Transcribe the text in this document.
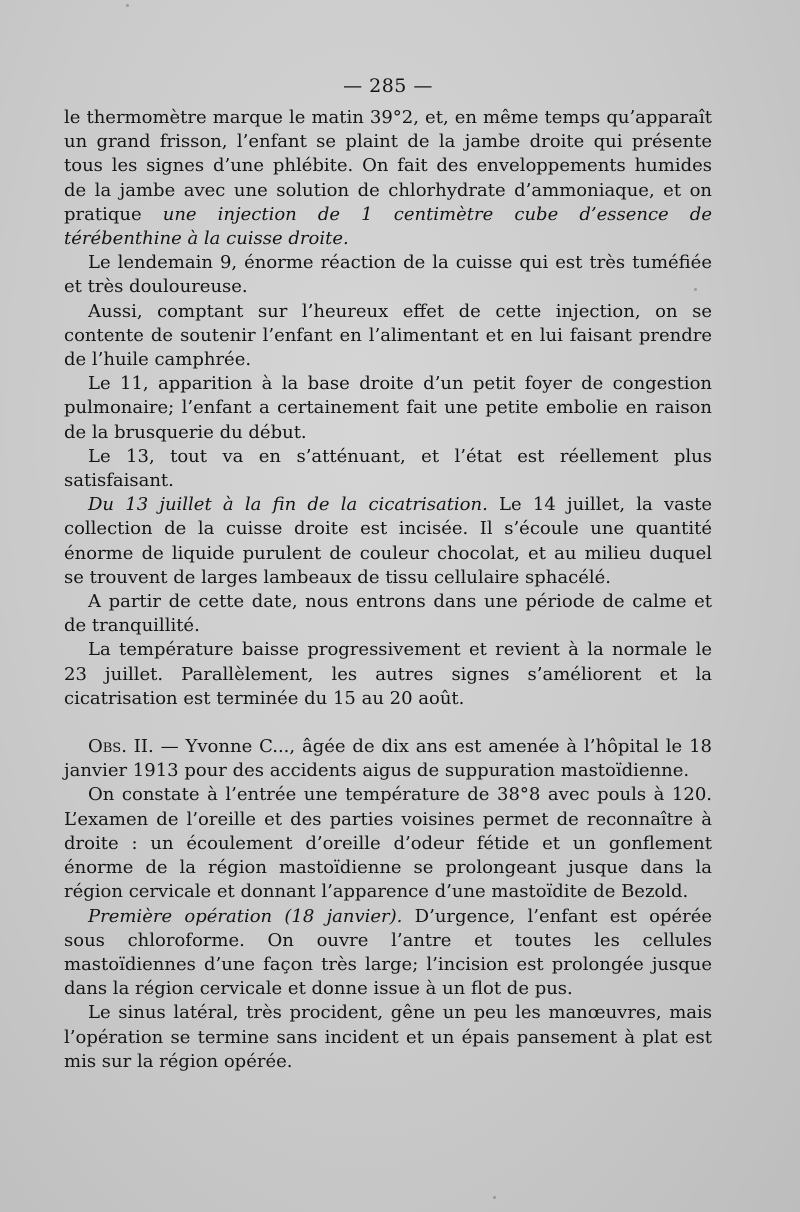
— 285 —

le thermomètre marque le matin 39°2, et, en même temps qu’apparaît un grand frisson, l’enfant se plaint de la jambe droite qui présente tous les signes d’une phlébite. On fait des enveloppements humides de la jambe avec une solution de chlorhydrate d’ammoniaque, et on pratique une injection de 1 centimètre cube d’essence de térébenthine à la cuisse droite.

Le lendemain 9, énorme réaction de la cuisse qui est très tuméfiée et très douloureuse.

Aussi, comptant sur l’heureux effet de cette injection, on se contente de soutenir l’enfant en l’alimentant et en lui faisant prendre de l’huile camphrée.

Le 11, apparition à la base droite d’un petit foyer de congestion pulmonaire; l’enfant a certainement fait une petite embolie en raison de la brusquerie du début.

Le 13, tout va en s’atténuant, et l’état est réellement plus satisfaisant.

Du 13 juillet à la fin de la cicatrisation. Le 14 juillet, la vaste collection de la cuisse droite est incisée. Il s’écoule une quantité énorme de liquide purulent de couleur chocolat, et au milieu duquel se trouvent de larges lambeaux de tissu cellulaire sphacélé.

A partir de cette date, nous entrons dans une période de calme et de tranquillité.

La température baisse progressivement et revient à la normale le 23 juillet. Parallèlement, les autres signes s’améliorent et la cicatrisation est terminée du 15 au 20 août.

Obs. II. — Yvonne C..., âgée de dix ans est amenée à l’hôpital le 18 janvier 1913 pour des accidents aigus de suppuration mastoïdienne.

On constate à l’entrée une température de 38°8 avec pouls à 120. L’examen de l’oreille et des parties voisines permet de reconnaître à droite : un écoulement d’oreille d’odeur fétide et un gonflement énorme de la région mastoïdienne se prolongeant jusque dans la région cervicale et donnant l’apparence d’une mastoïdite de Bezold.

Première opération (18 janvier). D’urgence, l’enfant est opérée sous chloroforme. On ouvre l’antre et toutes les cellules mastoïdiennes d’une façon très large; l’incision est prolongée jusque dans la région cervicale et donne issue à un flot de pus.

Le sinus latéral, très procident, gêne un peu les manœuvres, mais l’opération se termine sans incident et un épais pansement à plat est mis sur la région opérée.
